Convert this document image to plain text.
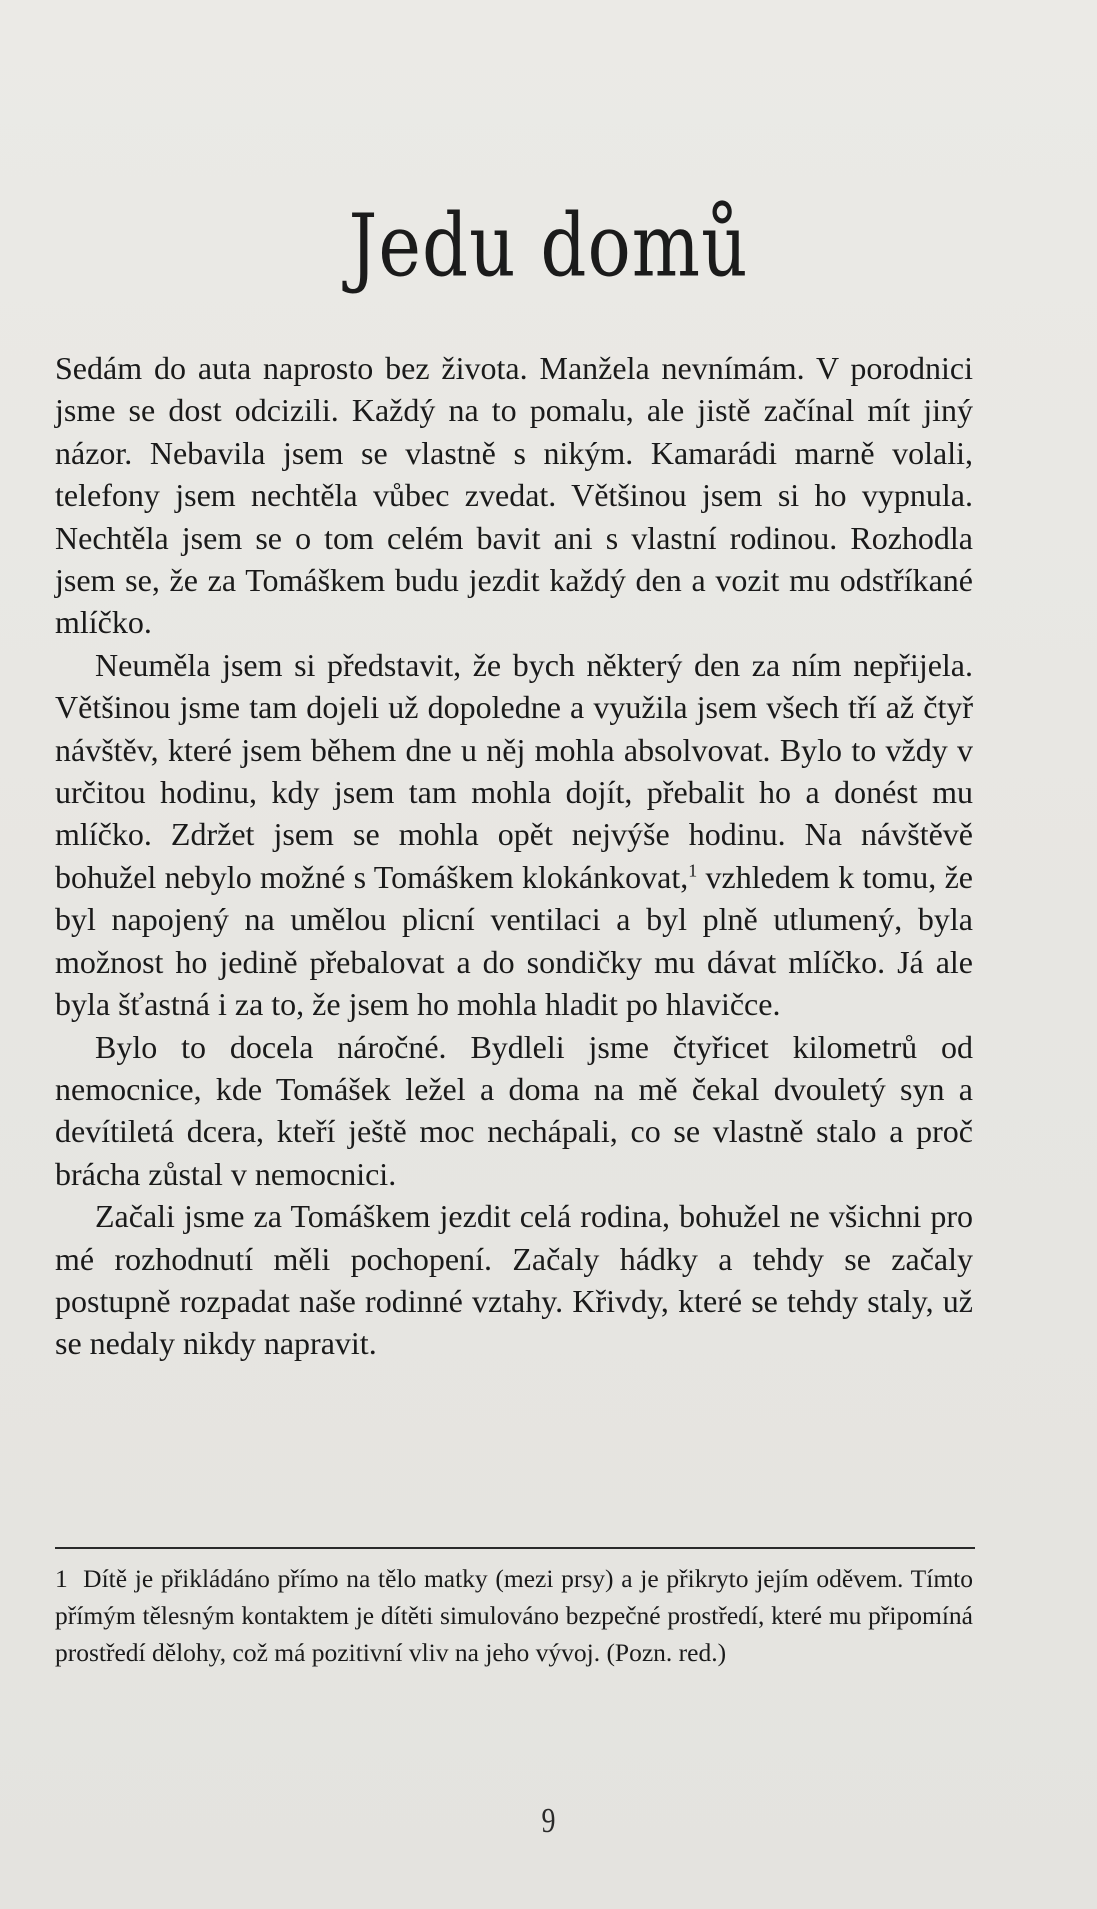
Jedu domů

Sedám do auta naprosto bez života. Manžela nevnímám. V porodnici jsme se dost odcizili. Každý na to pomalu, ale jistě začínal mít jiný názor. Nebavila jsem se vlastně s nikým. Kamarádi marně volali, telefony jsem nechtěla vůbec zvedat. Většinou jsem si ho vypnula. Nechtěla jsem se o tom celém bavit ani s vlastní rodinou. Rozhodla jsem se, že za Tomáškem budu jezdit každý den a vozit mu odstříkané mlíčko.

Neuměla jsem si představit, že bych některý den za ním nepřijela. Většinou jsme tam dojeli už dopoledne a využila jsem všech tří až čtyř návštěv, které jsem během dne u něj mohla absolvovat. Bylo to vždy v určitou hodinu, kdy jsem tam mohla dojít, přebalit ho a donést mu mlíčko. Zdržet jsem se mohla opět nejvýše hodinu. Na návštěvě bohužel nebylo možné s Tomáškem klokánkovat,$^1$ vzhledem k tomu, že byl napojený na umělou plicní ventilaci a byl plně utlumený, byla možnost ho jedině přebalovat a do sondičky mu dávat mlíčko. Já ale byla šťastná i za to, že jsem ho mohla hladit po hlavičce.

Bylo to docela náročné. Bydleli jsme čtyřicet kilometrů od nemocnice, kde Tomášek ležel a doma na mě čekal dvouletý syn a devítiletá dcera, kteří ještě moc nechápali, co se vlastně stalo a proč brácha zůstal v nemocnici.

Začali jsme za Tomáškem jezdit celá rodina, bohužel ne všichni pro mé rozhodnutí měli pochopení. Začaly hádky a tehdy se začaly postupně rozpadat naše rodinné vztahy. Křivdy, které se tehdy staly, už se nedaly nikdy napravit.

1 Dítě je přikládáno přímo na tělo matky (mezi prsy) a je přikryto jejím oděvem. Tímto přímým tělesným kontaktem je dítěti simulováno bezpečné prostředí, které mu připomíná prostředí dělohy, což má pozitivní vliv na jeho vývoj. (Pozn. red.)

9
